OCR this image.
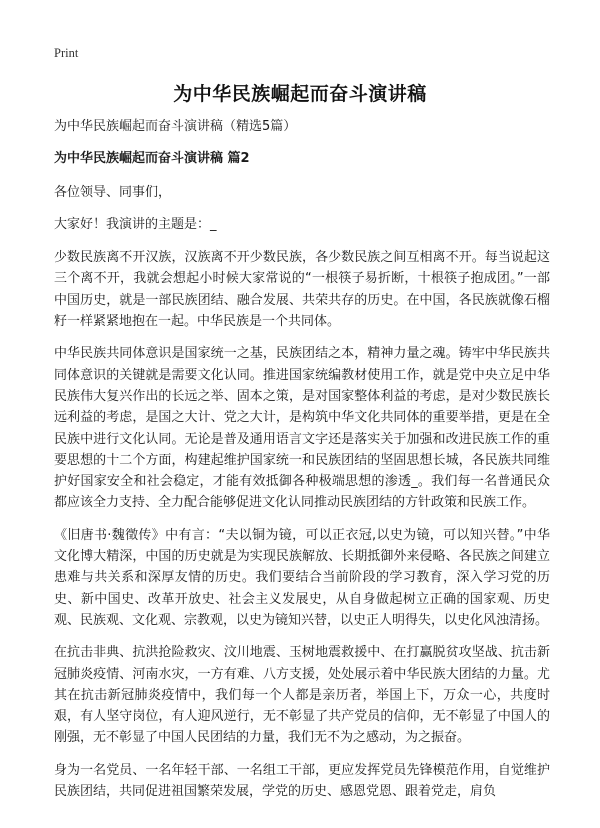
Print
为中华民族崛起而奋斗演讲稿

为中华民族崛起而奋斗演讲稿（精选5篇）

为中华民族崛起而奋斗演讲稿 篇2

各位领导、同事们，

大家好！我演讲的主题是：_

少数民族离不开汉族，汉族离不开少数民族，各少数民族之间互相离不开。每当说起这三个离不开，我就会想起小时候大家常说的“一根筷子易折断，十根筷子抱成团。”一部中国历史，就是一部民族团结、融合发展、共荣共存的历史。在中国，各民族就像石榴籽一样紧紧地抱在一起。中华民族是一个共同体。

中华民族共同体意识是国家统一之基，民族团结之本，精神力量之魂。铸牢中华民族共同体意识的关键就是需要文化认同。推进国家统编教材使用工作，就是党中央立足中华民族伟大复兴作出的长远之举、固本之策，是对国家整体利益的考虑，是对少数民族长远利益的考虑，是国之大计、党之大计，是构筑中华文化共同体的重要举措，更是在全民族中进行文化认同。无论是普及通用语言文字还是落实关于加强和改进民族工作的重要思想的十二个方面，构建起维护国家统一和民族团结的坚固思想长城，各民族共同维护好国家安全和社会稳定，才能有效抵御各种极端思想的渗透_。我们每一名普通民众都应该全力支持、全力配合能够促进文化认同推动民族团结的方针政策和民族工作。

《旧唐书·魏徵传》中有言：“夫以铜为镜，可以正衣冠,以史为镜，可以知兴替。”中华文化博大精深，中国的历史就是为实现民族解放、长期抵御外来侵略、各民族之间建立患难与共关系和深厚友情的历史。我们要结合当前阶段的学习教育，深入学习党的历史、新中国史、改革开放史、社会主义发展史，从自身做起树立正确的国家观、历史观、民族观、文化观、宗教观，以史为镜知兴替，以史正人明得失，以史化风浊清扬。

在抗击非典、抗洪抢险救灾、汶川地震、玉树地震救援中、在打赢脱贫攻坚战、抗击新冠肺炎疫情、河南水灾，一方有难、八方支援，处处展示着中华民族大团结的力量。尤其在抗击新冠肺炎疫情中，我们每一个人都是亲历者，举国上下，万众一心，共度时艰，有人坚守岗位，有人迎风逆行，无不彰显了共产党员的信仰，无不彰显了中国人的刚强，无不彰显了中国人民团结的力量，我们无不为之感动，为之振奋。

身为一名党员、一名年轻干部、一名组工干部，更应发挥党员先锋模范作用，自觉维护民族团结，共同促进祖国繁荣发展，学党的历史、感恩党恩、跟着党走，肩负
